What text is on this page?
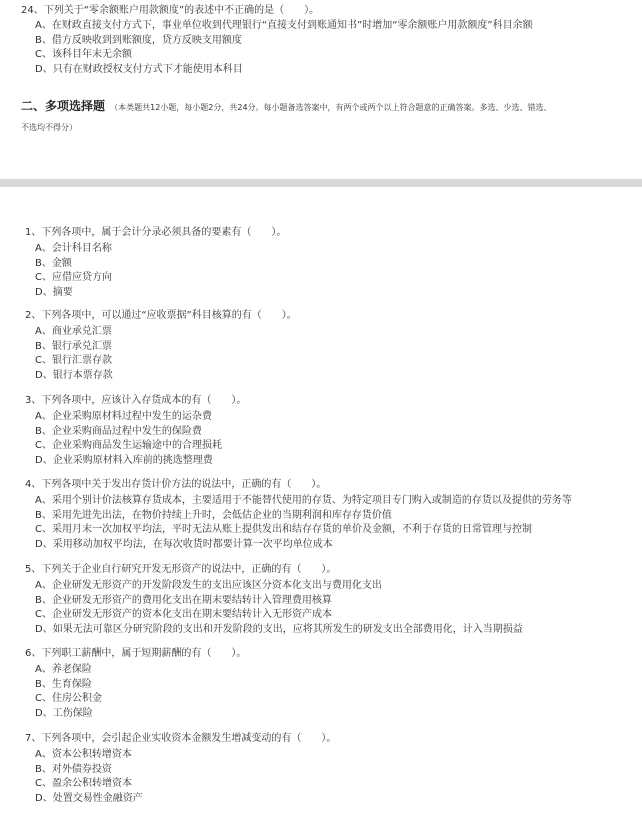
24、下列关于“零余额账户用款额度”的表述中不正确的是（　　）。
A、在财政直接支付方式下，事业单位收到代理银行“直接支付到账通知书”时增加“零余额账户用款额度”科目余额
B、借方反映收到到账额度，贷方反映支用额度
C、该科目年末无余额
D、只有在财政授权支付方式下才能使用本科目
二、多项选择题 （本类题共12小题，每小题2分，共24分。每小题备选答案中，有两个或两个以上符合题意的正确答案。多选、少选、错选、
不选均不得分）
1、下列各项中，属于会计分录必须具备的要素有（　　）。
A、会计科目名称
B、金额
C、应借应贷方向
D、摘要
2、下列各项中，可以通过“应收票据”科目核算的有（　　）。
A、商业承兑汇票
B、银行承兑汇票
C、银行汇票存款
D、银行本票存款
3、下列各项中，应该计入存货成本的有（　　）。
A、企业采购原材料过程中发生的运杂费
B、企业采购商品过程中发生的保险费
C、企业采购商品发生运输途中的合理损耗
D、企业采购原材料入库前的挑选整理费
4、下列各项中关于发出存货计价方法的说法中，正确的有（　　）。
A、采用个别计价法核算存货成本，主要适用于不能替代使用的存货、为特定项目专门购入或制造的存货以及提供的劳务等
B、采用先进先出法，在物价持续上升时，会低估企业的当期利润和库存存货价值
C、采用月末一次加权平均法，平时无法从账上提供发出和结存存货的单价及金额，不利于存货的日常管理与控制
D、采用移动加权平均法，在每次收货时都要计算一次平均单位成本
5、下列关于企业自行研究开发无形资产的说法中，正确的有（　　）。
A、企业研发无形资产的开发阶段发生的支出应该区分资本化支出与费用化支出
B、企业研发无形资产的费用化支出在期末要结转计入管理费用核算
C、企业研发无形资产的资本化支出在期末要结转计入无形资产成本
D、如果无法可靠区分研究阶段的支出和开发阶段的支出，应将其所发生的研发支出全部费用化，计入当期损益
6、下列职工薪酬中，属于短期薪酬的有（　　）。
A、养老保险
B、生育保险
C、住房公积金
D、工伤保险
7、下列各项中，会引起企业实收资本金额发生增减变动的有（　　）。
A、资本公积转增资本
B、对外债券投资
C、盈余公积转增资本
D、处置交易性金融资产
